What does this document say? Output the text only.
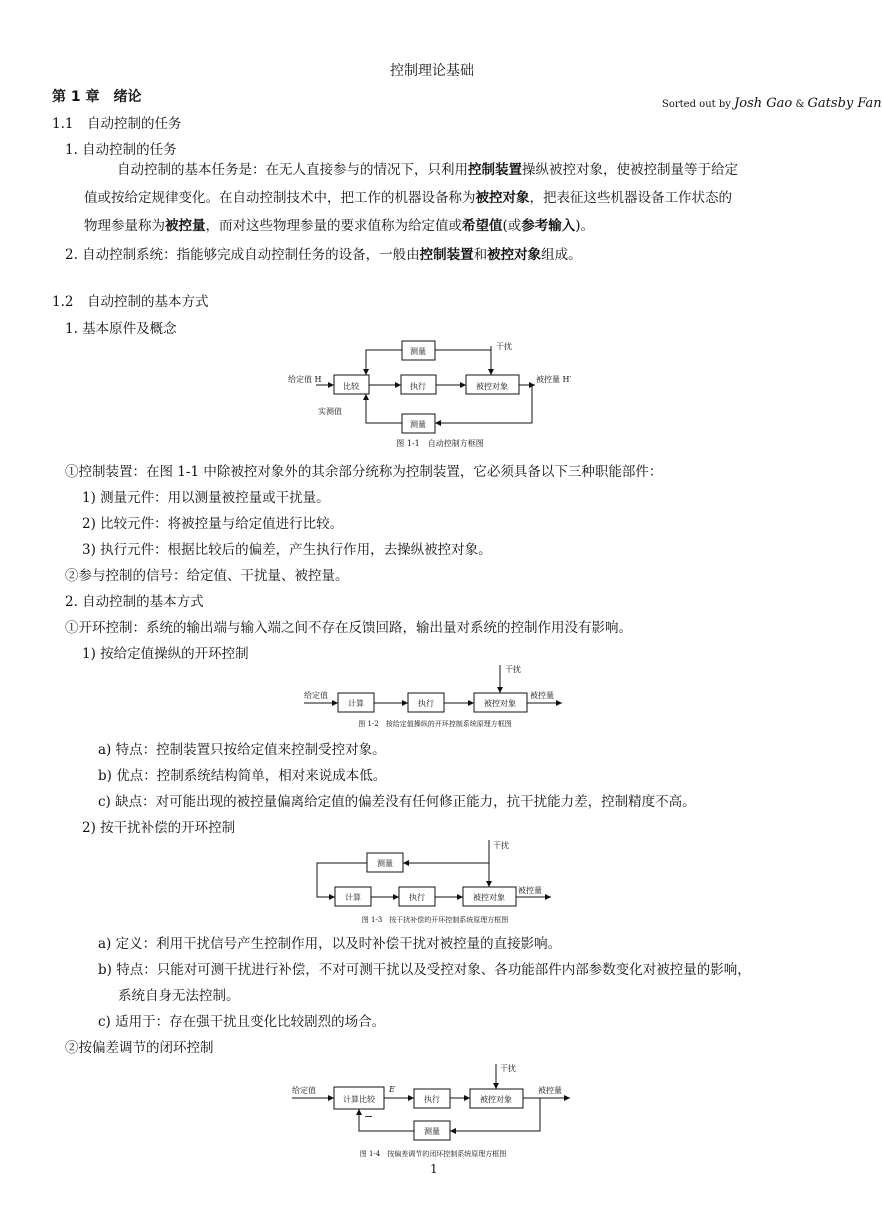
控制理论基础
Sorted out by Josh Gao & Gatsby Fan
第 1 章　绪论
1.1　自动控制的任务
1. 自动控制的任务
自动控制的基本任务是：在无人直接参与的情况下，只利用控制装置操纵被控对象，使被控制量等于给定
值或按给定规律变化。在自动控制技术中，把工作的机器设备称为被控对象，把表征这些机器设备工作状态的
物理参量称为被控量，而对这些物理参量的要求值称为给定值或希望值(或参考输入)。
2. 自动控制系统：指能够完成自动控制任务的设备，一般由控制装置和被控对象组成。
1.2　自动控制的基本方式
1. 基本原件及概念
测量
比较	执行	被控对象
测量
给定值 H	被控量 H′
干扰
实测值
图 1-1　自动控制方框图
①控制装置：在图 1-1 中除被控对象外的其余部分统称为控制装置，它必须具备以下三种职能部件：
1) 测量元件：用以测量被控量或干扰量。
2) 比较元件：将被控量与给定值进行比较。
3) 执行元件：根据比较后的偏差，产生执行作用，去操纵被控对象。
②参与控制的信号：给定值、干扰量、被控量。
2. 自动控制的基本方式
①开环控制：系统的输出端与输入端之间不存在反馈回路，输出量对系统的控制作用没有影响。
1) 按给定值操纵的开环控制
给定值
计算	执行	被控对象
被控量
干扰
图 1-2　按给定值操纵的开环控制系统原理方框图
a) 特点：控制装置只按给定值来控制受控对象。
b) 优点：控制系统结构简单，相对来说成本低。
c) 缺点：对可能出现的被控量偏离给定值的偏差没有任何修正能力，抗干扰能力差，控制精度不高。
2) 按干扰补偿的开环控制
测量
计算	执行	被控对象
被控量
干扰
图 1-3　按干扰补偿的开环控制系统原理方框图
a) 定义：利用干扰信号产生控制作用，以及时补偿干扰对被控量的直接影响。
b) 特点：只能对可测干扰进行补偿，不对可测干扰以及受控对象、各功能部件内部参数变化对被控量的影响，
系统自身无法控制。
c) 适用于：存在强干扰且变化比较剧烈的场合。
②按偏差调节的闭环控制
给定值
计算比较
E
执行	被控对象
被控量
测量
干扰
−
图 1-4　按偏差调节的闭环控制系统原理方框图
1
